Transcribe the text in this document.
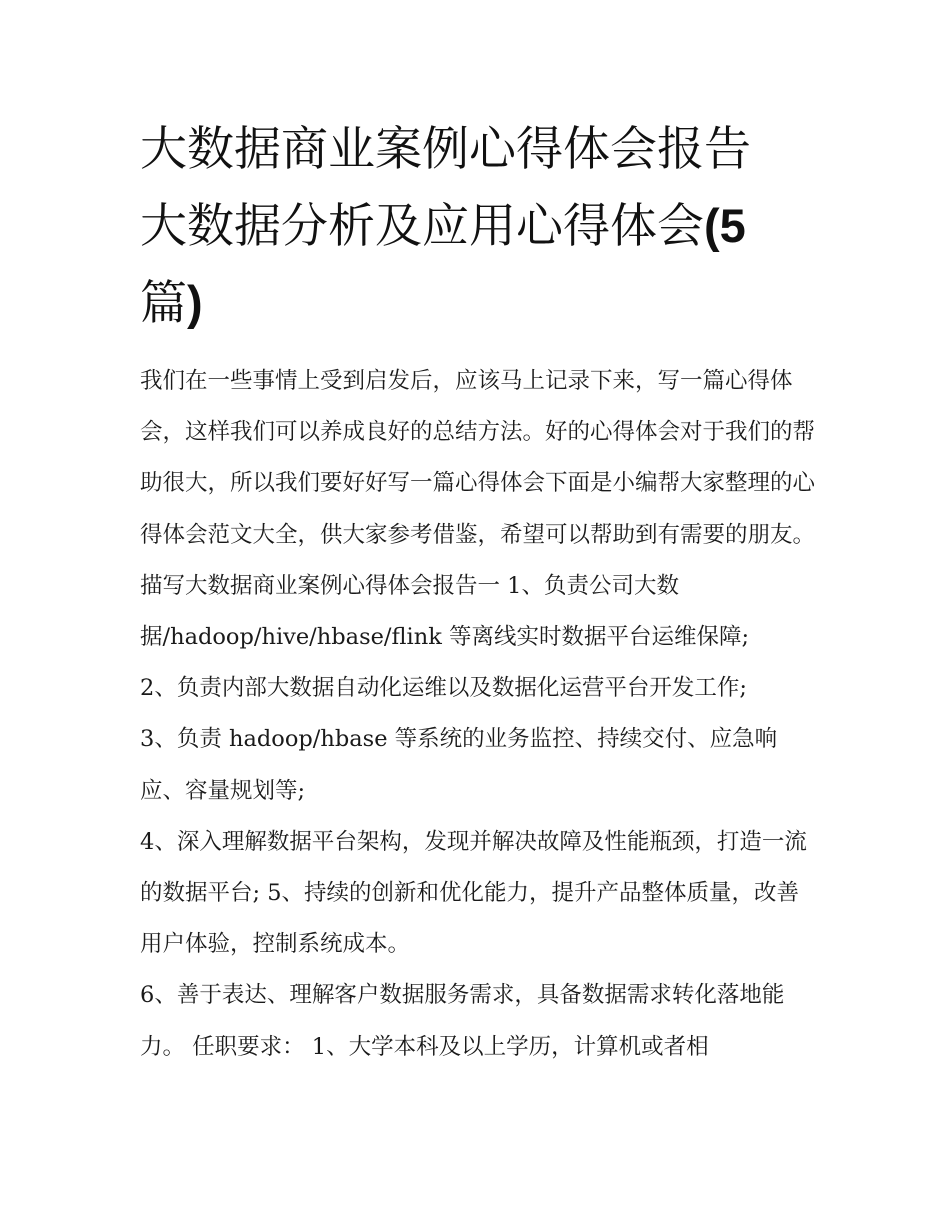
大数据商业案例心得体会报告
大数据分析及应用心得体会(5
篇)

我们在一些事情上受到启发后，应该马上记录下来，写一篇心得体会，这样我们可以养成良好的总结方法。好的心得体会对于我们的帮助很大，所以我们要好好写一篇心得体会下面是小编帮大家整理的心得体会范文大全，供大家参考借鉴，希望可以帮助到有需要的朋友。

描写大数据商业案例心得体会报告一 1、负责公司大数据/hadoop/hive/hbase/flink 等离线实时数据平台运维保障;

2、负责内部大数据自动化运维以及数据化运营平台开发工作;

3、负责 hadoop/hbase 等系统的业务监控、持续交付、应急响应、容量规划等;

4、深入理解数据平台架构，发现并解决故障及性能瓶颈，打造一流的数据平台; 5、持续的创新和优化能力，提升产品整体质量，改善用户体验，控制系统成本。

6、善于表达、理解客户数据服务需求，具备数据需求转化落地能力。 任职要求： 1、大学本科及以上学历，计算机或者相
